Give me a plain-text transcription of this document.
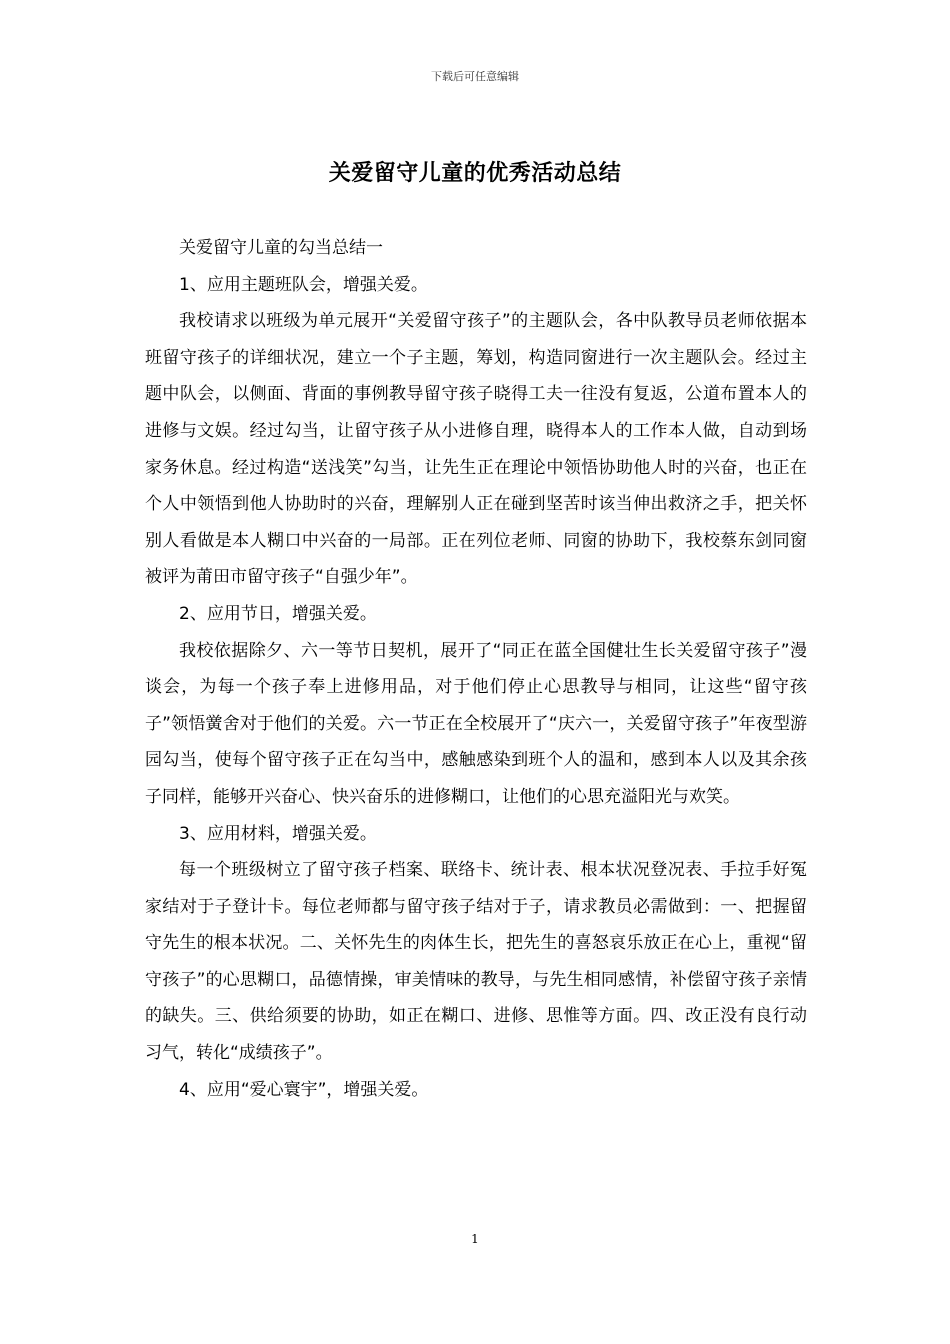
下载后可任意编辑
关爱留守儿童的优秀活动总结

关爱留守儿童的勾当总结一

1、应用主题班队会，增强关爱。

我校请求以班级为单元展开“关爱留守孩子”的主题队会，各中队教导员老师依据本班留守孩子的详细状况，建立一个子主题，筹划，构造同窗进行一次主题队会。经过主题中队会，以侧面、背面的事例教导留守孩子晓得工夫一往没有复返，公道布置本人的进修与文娱。经过勾当，让留守孩子从小进修自理，晓得本人的工作本人做，自动到场家务休息。经过构造“送浅笑”勾当，让先生正在理论中领悟协助他人时的兴奋，也正在个人中领悟到他人协助时的兴奋，理解别人正在碰到坚苦时该当伸出救济之手，把关怀别人看做是本人糊口中兴奋的一局部。正在列位老师、同窗的协助下，我校蔡东剑同窗被评为莆田市留守孩子“自强少年”。

2、应用节日，增强关爱。

我校依据除夕、六一等节日契机，展开了“同正在蓝全国健壮生长关爱留守孩子”漫谈会，为每一个孩子奉上进修用品，对于他们停止心思教导与相同，让这些“留守孩子”领悟黉舍对于他们的关爱。六一节正在全校展开了“庆六一，关爱留守孩子”年夜型游园勾当，使每个留守孩子正在勾当中，感触感染到班个人的温和，感到本人以及其余孩子同样，能够开兴奋心、快兴奋乐的进修糊口，让他们的心思充溢阳光与欢笑。

3、应用材料，增强关爱。

每一个班级树立了留守孩子档案、联络卡、统计表、根本状况登况表、手拉手好冤家结对于子登计卡。每位老师都与留守孩子结对于子，请求教员必需做到：一、把握留守先生的根本状况。二、关怀先生的肉体生长，把先生的喜怒哀乐放正在心上，重视“留守孩子”的心思糊口，品德情操，审美情味的教导，与先生相同感情，补偿留守孩子亲情的缺失。三、供给须要的协助，如正在糊口、进修、思惟等方面。四、改正没有良行动习气，转化“成绩孩子”。

4、应用“爱心寰宇”，增强关爱。

1
